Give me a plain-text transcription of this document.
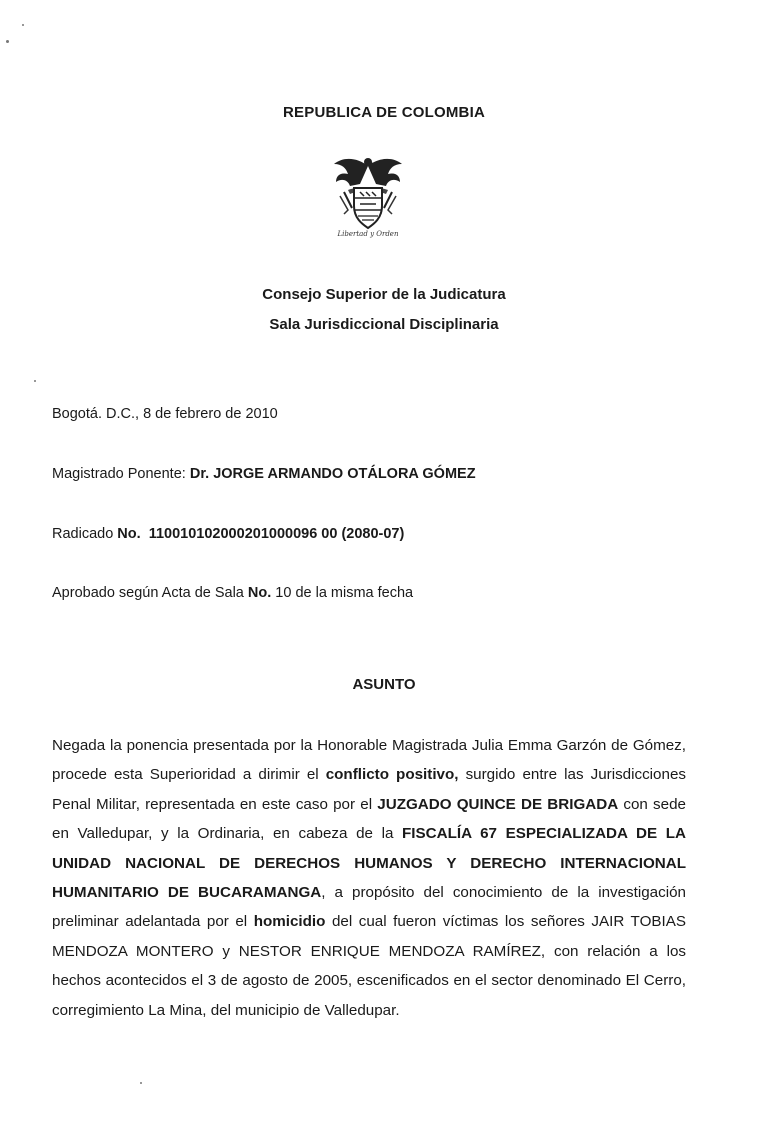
REPUBLICA DE COLOMBIA
Libertad y Orden
Consejo Superior de la Judicatura
Sala Jurisdiccional Disciplinaria
Bogotá. D.C., 8 de febrero de 2010
Magistrado Ponente: Dr. JORGE ARMANDO OTÁLORA GÓMEZ
Radicado No. 110010102000201000096 00 (2080-07)
Aprobado según Acta de Sala No. 10 de la misma fecha
ASUNTO
Negada la ponencia presentada por la Honorable Magistrada Julia Emma Garzón de Gómez, procede esta Superioridad a dirimir el conflicto positivo, surgido entre las Jurisdicciones Penal Militar, representada en este caso por el JUZGADO QUINCE DE BRIGADA con sede en Valledupar, y la Ordinaria, en cabeza de la FISCALÍA 67 ESPECIALIZADA DE LA UNIDAD NACIONAL DE DERECHOS HUMANOS Y DERECHO INTERNACIONAL HUMANITARIO DE BUCARAMANGA, a propósito del conocimiento de la investigación preliminar adelantada por el homicidio del cual fueron víctimas los señores JAIR TOBIAS MENDOZA MONTERO y NESTOR ENRIQUE MENDOZA RAMÍREZ, con relación a los hechos acontecidos el 3 de agosto de 2005, escenificados en el sector denominado El Cerro, corregimiento La Mina, del municipio de Valledupar.
